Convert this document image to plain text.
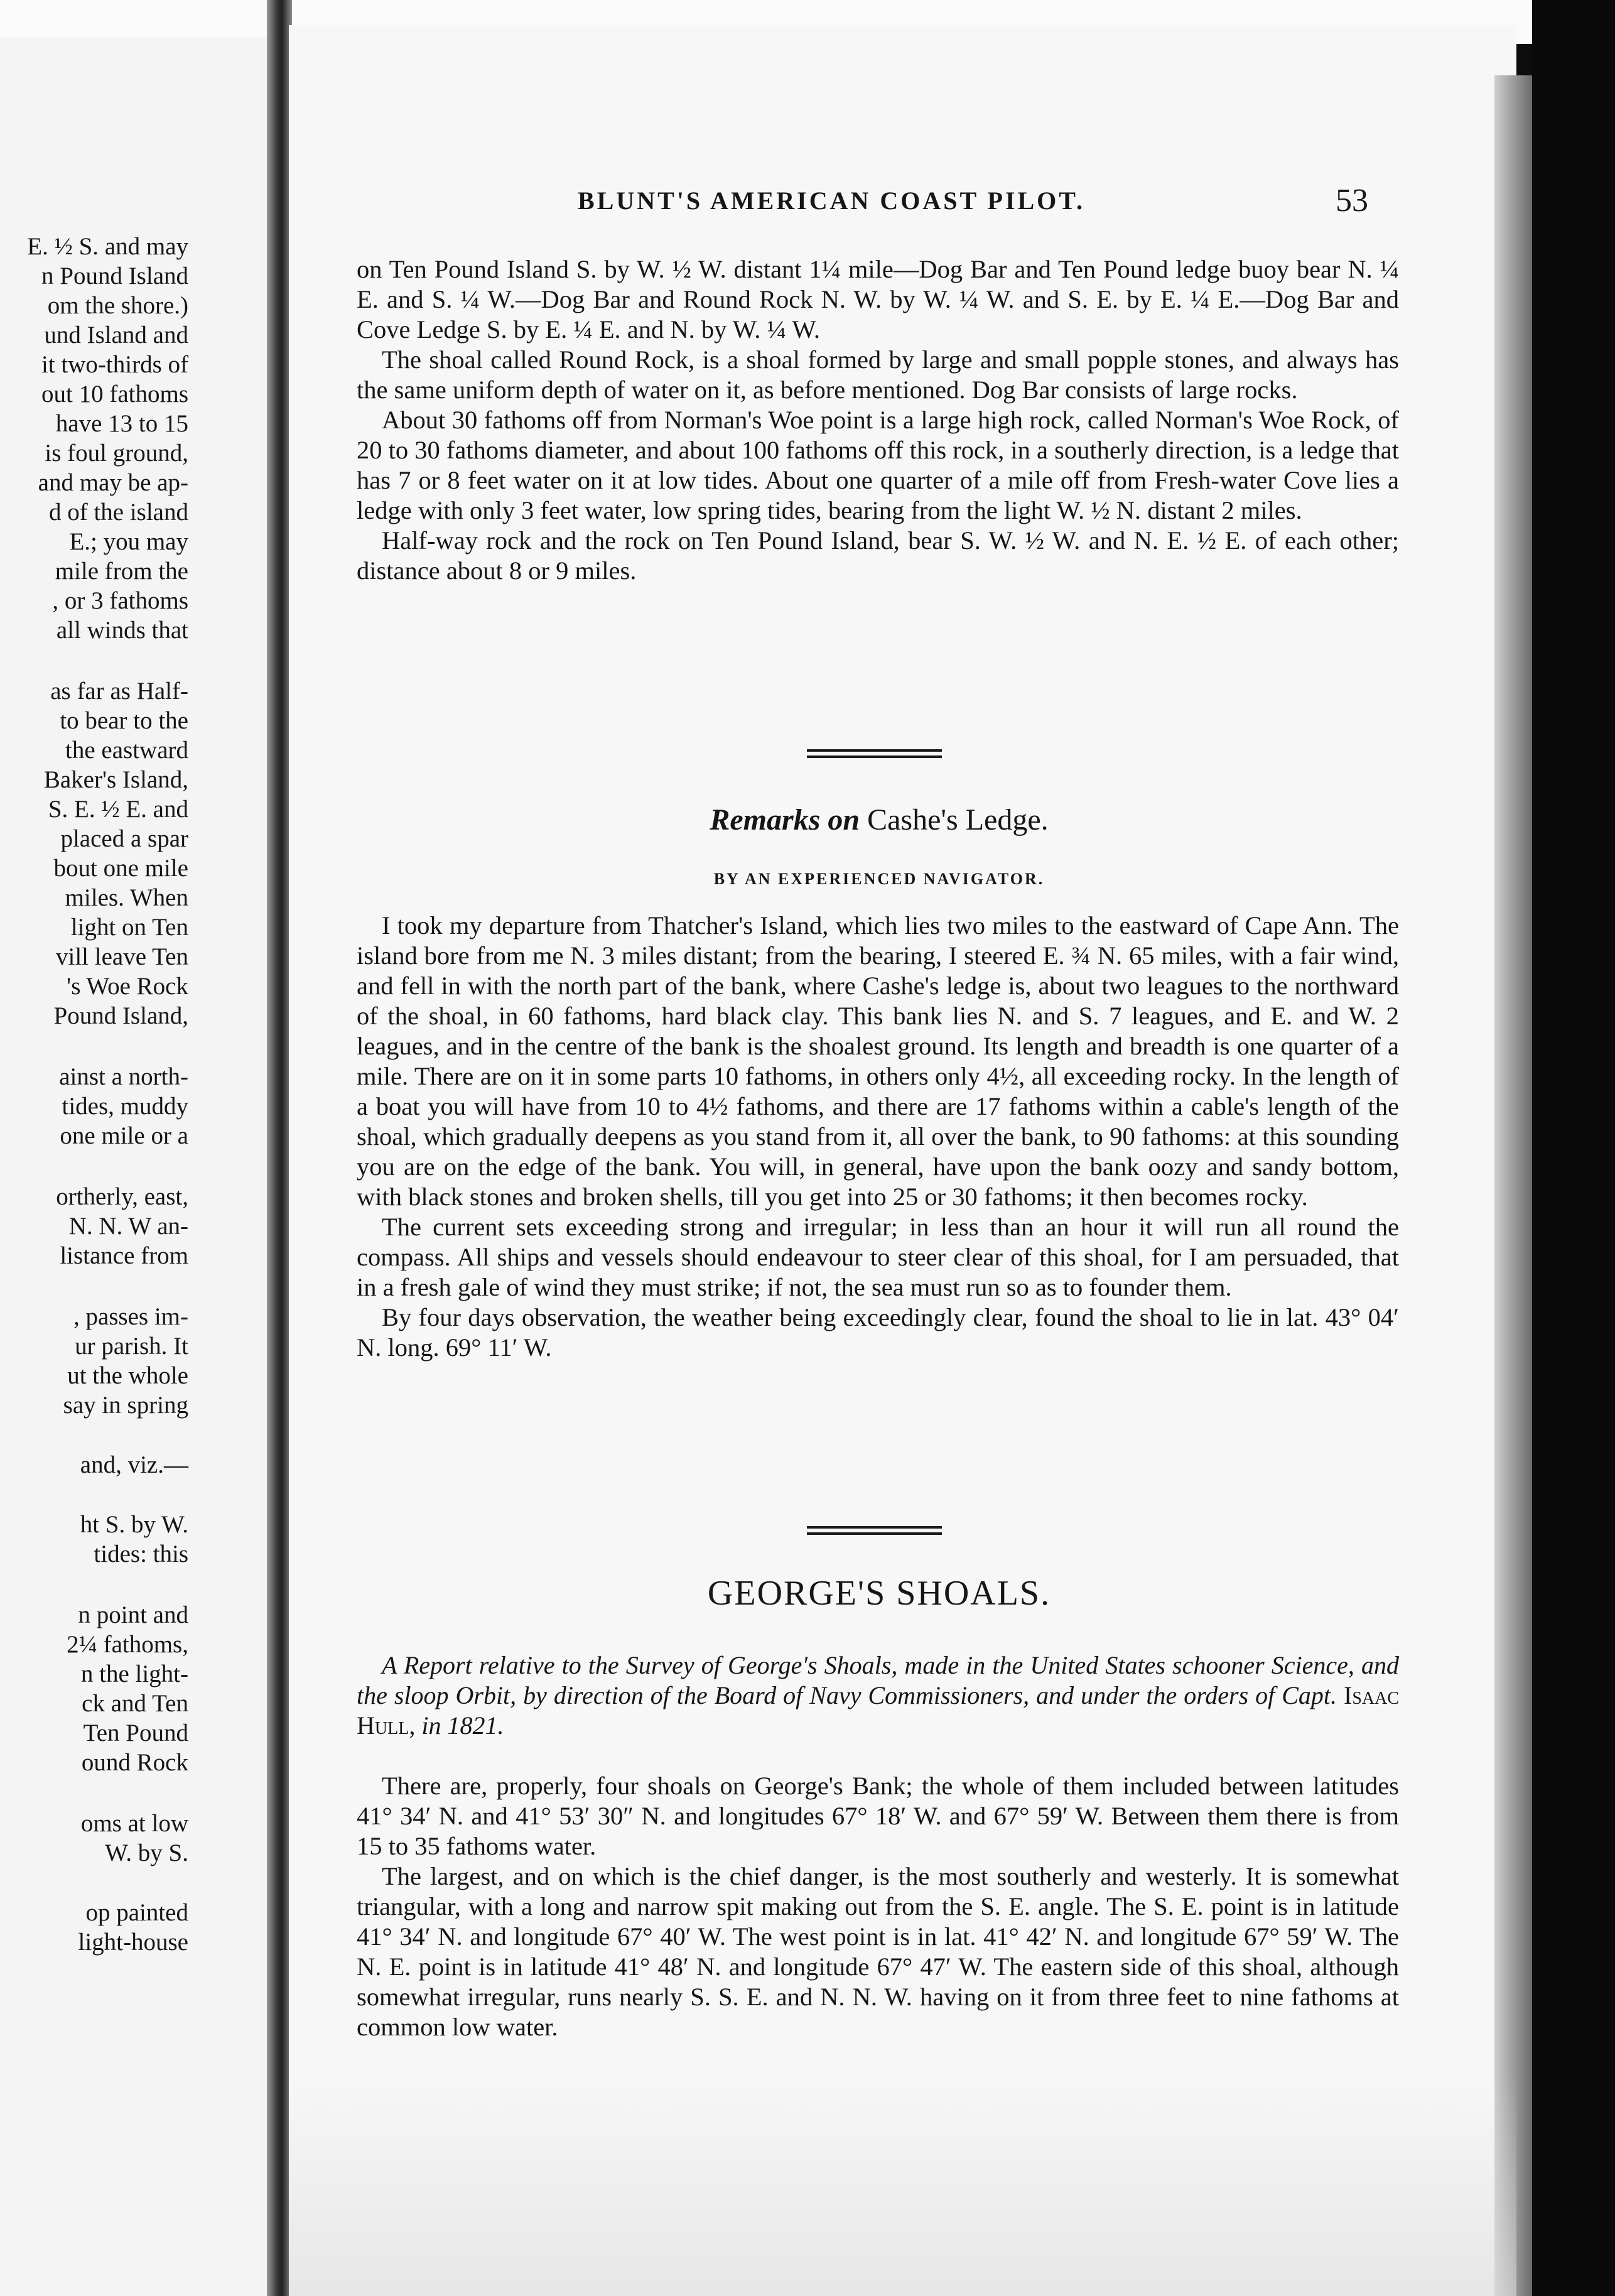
E. ½ S. and may
n Pound Island
om the shore.)
und Island and
it two-thirds of
out 10 fathoms
have 13 to 15
is foul ground,
and may be ap-
d of the island
E.; you may
mile from the
, or 3 fathoms
all winds that
as far as Half-
to bear to the
the eastward
Baker's Island,
S. E. ½ E. and
placed a spar
bout one mile
miles. When
light on Ten
vill leave Ten
's Woe Rock
Pound Island,
ainst a north-
tides, muddy
one mile or a
ortherly, east,
N. N. W an-
listance from
, passes im-
ur parish. It
ut the whole
say in spring
and, viz.—
ht S. by W.
tides: this
n point and
2¼ fathoms,
n the light-
ck and Ten
Ten Pound
ound Rock
oms at low
W. by S.
op painted
light-house
BLUNT'S AMERICAN COAST PILOT.	53

on Ten Pound Island S. by W. ½ W. distant 1¼ mile—Dog Bar and Ten Pound ledge buoy bear N. ¼ E. and S. ¼ W.—Dog Bar and Round Rock N. W. by W. ¼ W. and S. E. by E. ¼ E.—Dog Bar and Cove Ledge S. by E. ¼ E. and N. by W. ¼ W.

The shoal called Round Rock, is a shoal formed by large and small popple stones, and always has the same uniform depth of water on it, as before mentioned. Dog Bar consists of large rocks.

About 30 fathoms off from Norman's Woe point is a large high rock, called Norman's Woe Rock, of 20 to 30 fathoms diameter, and about 100 fathoms off this rock, in a southerly direction, is a ledge that has 7 or 8 feet water on it at low tides. About one quarter of a mile off from Fresh-water Cove lies a ledge with only 3 feet water, low spring tides, bearing from the light W. ½ N. distant 2 miles.

Half-way rock and the rock on Ten Pound Island, bear S. W. ½ W. and N. E. ½ E. of each other; distance about 8 or 9 miles.

Remarks on Cashe's Ledge.
BY AN EXPERIENCED NAVIGATOR.

I took my departure from Thatcher's Island, which lies two miles to the eastward of Cape Ann. The island bore from me N. 3 miles distant; from the bearing, I steered E. ¾ N. 65 miles, with a fair wind, and fell in with the north part of the bank, where Cashe's ledge is, about two leagues to the northward of the shoal, in 60 fathoms, hard black clay. This bank lies N. and S. 7 leagues, and E. and W. 2 leagues, and in the centre of the bank is the shoalest ground. Its length and breadth is one quarter of a mile. There are on it in some parts 10 fathoms, in others only 4½, all exceeding rocky. In the length of a boat you will have from 10 to 4½ fathoms, and there are 17 fathoms within a cable's length of the shoal, which gradually deepens as you stand from it, all over the bank, to 90 fathoms: at this sounding you are on the edge of the bank. You will, in general, have upon the bank oozy and sandy bottom, with black stones and broken shells, till you get into 25 or 30 fathoms; it then becomes rocky.

The current sets exceeding strong and irregular; in less than an hour it will run all round the compass. All ships and vessels should endeavour to steer clear of this shoal, for I am persuaded, that in a fresh gale of wind they must strike; if not, the sea must run so as to founder them.

By four days observation, the weather being exceedingly clear, found the shoal to lie in lat. 43° 04′ N. long. 69° 11′ W.

GEORGE'S SHOALS.
A Report relative to the Survey of George's Shoals, made in the United States schooner Science, and the sloop Orbit, by direction of the Board of Navy Commissioners, and under the orders of Capt. Isaac Hull, in 1821.

There are, properly, four shoals on George's Bank; the whole of them included between latitudes 41° 34′ N. and 41° 53′ 30″ N. and longitudes 67° 18′ W. and 67° 59′ W. Between them there is from 15 to 35 fathoms water.

The largest, and on which is the chief danger, is the most southerly and westerly. It is somewhat triangular, with a long and narrow spit making out from the S. E. angle. The S. E. point is in latitude 41° 34′ N. and longitude 67° 40′ W. The west point is in lat. 41° 42′ N. and longitude 67° 59′ W. The N. E. point is in latitude 41° 48′ N. and longitude 67° 47′ W. The eastern side of this shoal, although somewhat irregular, runs nearly S. S. E. and N. N. W. having on it from three feet to nine fathoms at common low water.
